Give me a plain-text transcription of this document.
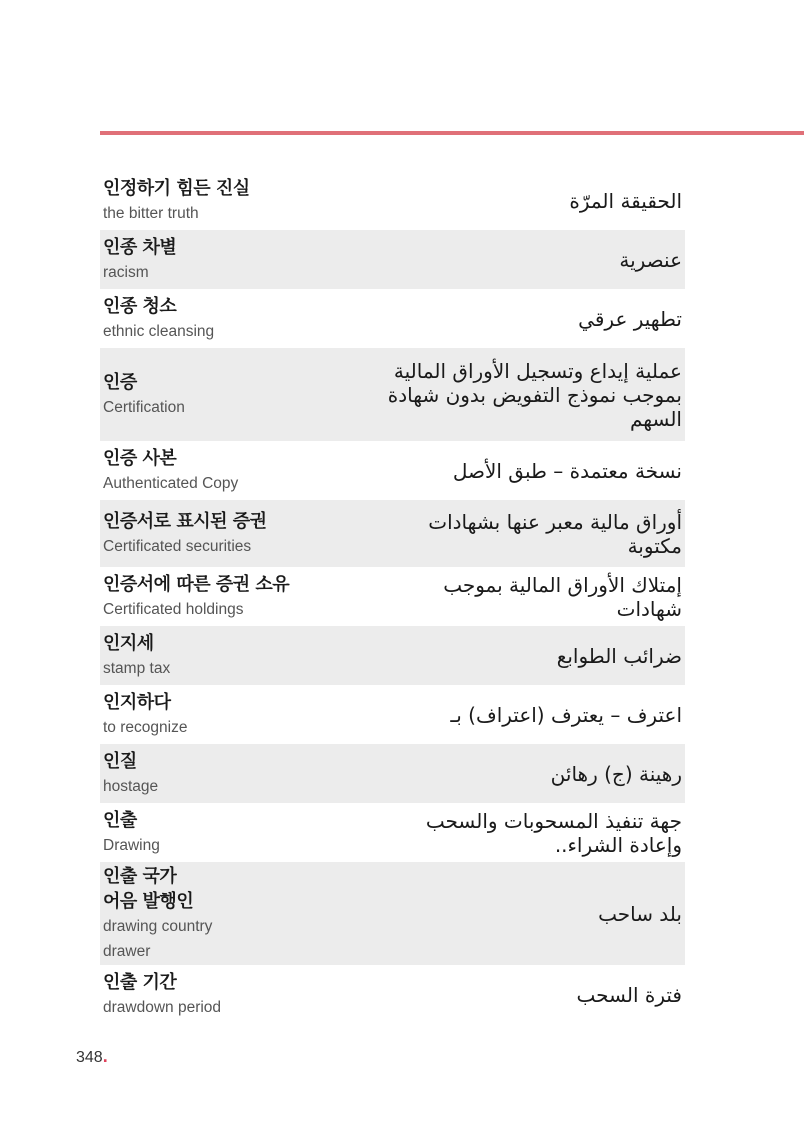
인정하기 힘든 진실
the bitter truth
الحقيقة المرّة
인종 차별
racism
عنصرية
인종 청소
ethnic cleansing
تطهير عرقي
인증
Certification
عملية إيداع وتسجيل الأوراق المالية
بموجب نموذج التفويض بدون شهادة
السهم
인증 사본
Authenticated Copy
نسخة معتمدة – طبق الأصل
인증서로 표시된 증권
Certificated securities
أوراق مالية معبر عنها بشهادات
مكتوبة
인증서에 따른 증권 소유
Certificated holdings
إمتلاك الأوراق المالية بموجب
شهادات
인지세
stamp tax
ضرائب الطوابع
인지하다
to recognize
اعترف – يعترف (اعتراف) بـ
인질
hostage
رهينة (ج) رهائن
인출
Drawing
جهة تنفيذ المسحوبات والسحب
وإعادة الشراء..
인출 국가
어음 발행인
drawing country
drawer
بلد ساحب
인출 기간
drawdown period
فترة السحب
348.
